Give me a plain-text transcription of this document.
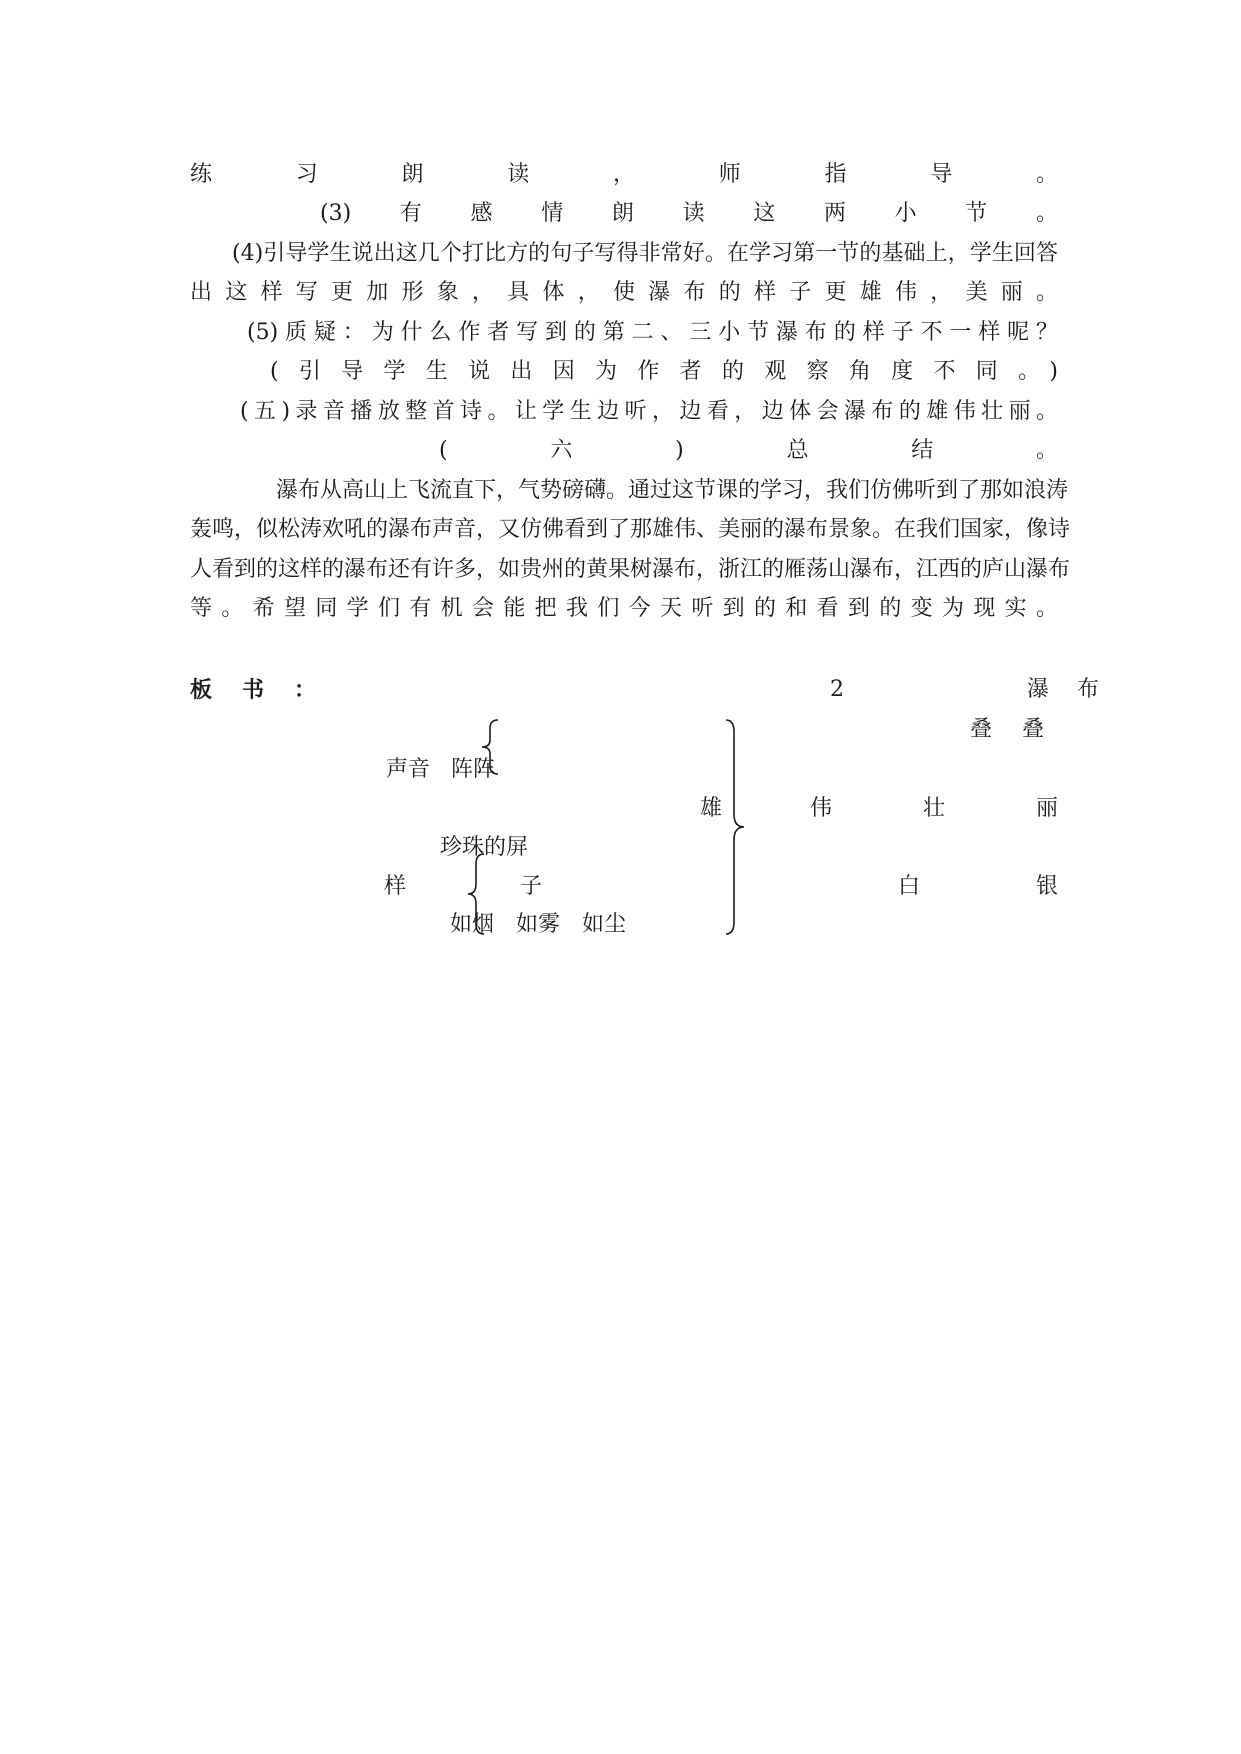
练习朗读，师指导。
(3)有感情朗读这两小节。
(4)引导学生说出这几个打比方的句子写得非常好。在学习第一节的基础上，学生回答
出这样写更加形象，具体，使瀑布的样子更雄伟，美丽。
(5)质疑：为什么作者写到的第二、三小节瀑布的样子不一样呢？
(引导学生说出因为作者的观察角度不同。)
(五)录音播放整首诗。让学生边听，边看，边体会瀑布的雄伟壮丽。
(六)总结。
瀑布从高山上飞流直下，气势磅礴。通过这节课的学习，我们仿佛听到了那如浪涛
轰鸣，似松涛欢吼的瀑布声音，又仿佛看到了那雄伟、美丽的瀑布景象。在我们国家，像诗
人看到的这样的瀑布还有许多，如贵州的黄果树瀑布，浙江的雁荡山瀑布，江西的庐山瀑布
等。希望同学们有机会能把我们今天听到的和看到的变为现实。
板书：	2 瀑布
叠叠
声音 阵阵
雄	伟	壮	丽
珍珠的屏
样	子
如烟　如雾　如尘
白	银
